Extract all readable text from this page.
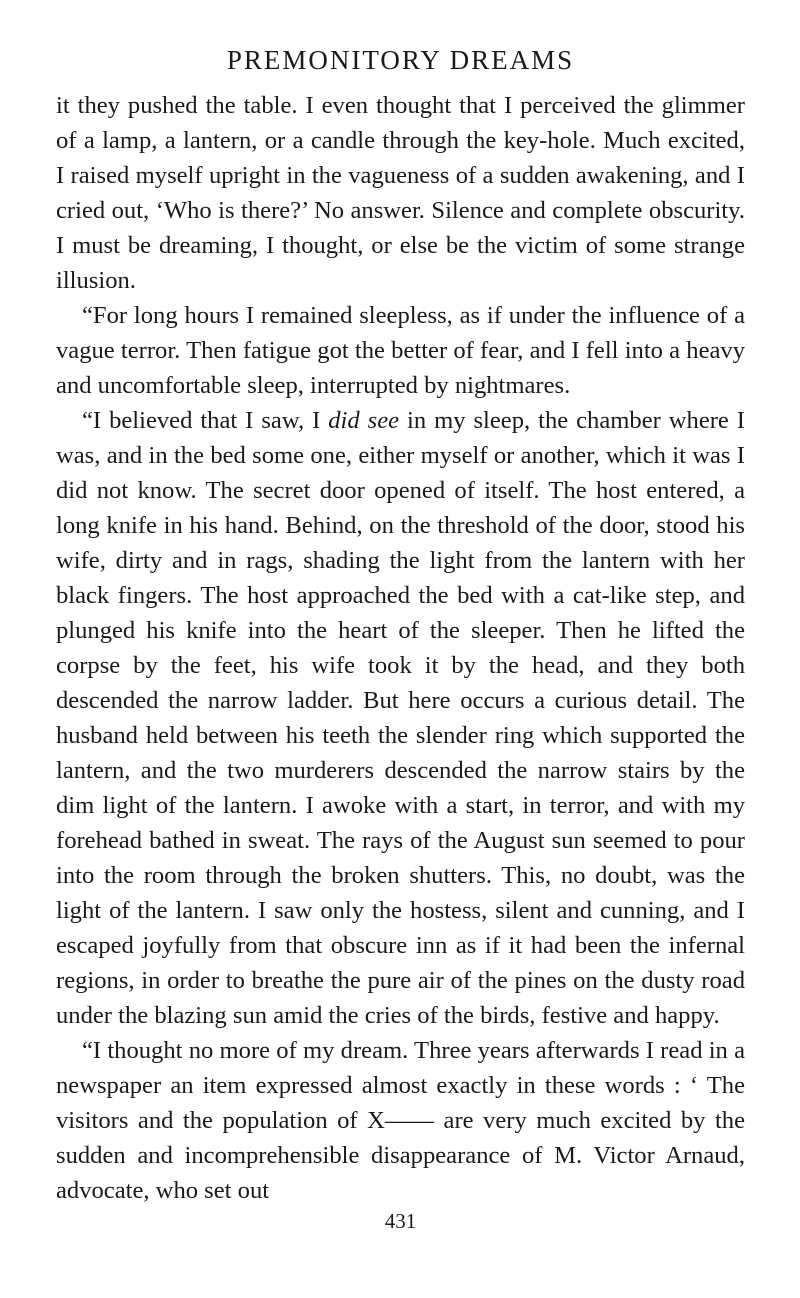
PREMONITORY DREAMS

it they pushed the table. I even thought that I perceived the glimmer of a lamp, a lantern, or a candle through the key-hole. Much excited, I raised myself upright in the vagueness of a sudden awakening, and I cried out, ‘Who is there?’ No answer. Silence and complete obscurity. I must be dreaming, I thought, or else be the victim of some strange illusion.

“For long hours I remained sleepless, as if under the influence of a vague terror. Then fatigue got the better of fear, and I fell into a heavy and uncomfortable sleep, interrupted by nightmares.

“I believed that I saw, I did see in my sleep, the chamber where I was, and in the bed some one, either myself or another, which it was I did not know. The secret door opened of itself. The host entered, a long knife in his hand. Behind, on the threshold of the door, stood his wife, dirty and in rags, shading the light from the lantern with her black fingers. The host approached the bed with a cat-like step, and plunged his knife into the heart of the sleeper. Then he lifted the corpse by the feet, his wife took it by the head, and they both descended the narrow ladder. But here occurs a curious detail. The husband held between his teeth the slender ring which supported the lantern, and the two murderers descended the narrow stairs by the dim light of the lantern. I awoke with a start, in terror, and with my forehead bathed in sweat. The rays of the August sun seemed to pour into the room through the broken shutters. This, no doubt, was the light of the lantern. I saw only the hostess, silent and cunning, and I escaped joyfully from that obscure inn as if it had been the infernal regions, in order to breathe the pure air of the pines on the dusty road under the blazing sun amid the cries of the birds, festive and happy.

“I thought no more of my dream. Three years afterwards I read in a newspaper an item expressed almost exactly in these words : ‘ The visitors and the population of X—— are very much excited by the sudden and incomprehensible disappearance of M. Victor Arnaud, advocate, who set out

431
